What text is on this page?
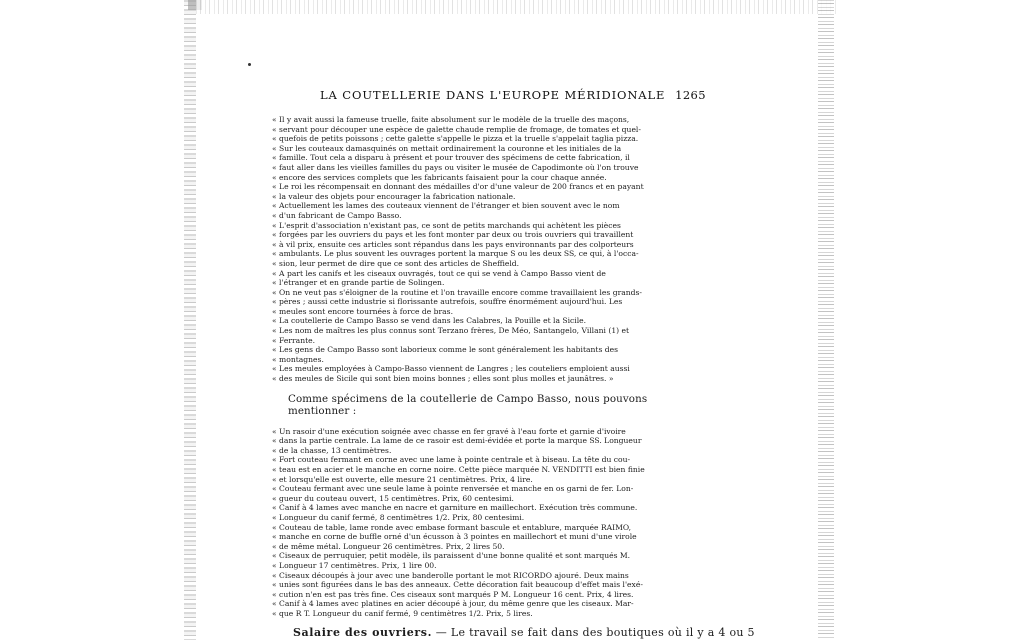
LA COUTELLERIE DANS L'EUROPE MÉRIDIONALE 1265

« Il y avait aussi la fameuse truelle, faite absolument sur le modèle de la truelle des maçons,

« servant pour découper une espèce de galette chaude remplie de fromage, de tomates et quel-

« quefois de petits poissons ; cette galette s'appelle le pizza et la truelle s'appelait taglia pizza.

« Sur les couteaux damasquinés on mettait ordinairement la couronne et les initiales de la

« famille. Tout cela a disparu à présent et pour trouver des spécimens de cette fabrication, il

« faut aller dans les vieilles familles du pays ou visiter le musée de Capodimonte où l'on trouve

« encore des services complets que les fabricants faisaient pour la cour chaque année.

« Le roi les récompensait en donnant des médailles d'or d'une valeur de 200 francs et en payant

« la valeur des objets pour encourager la fabrication nationale.

« Actuellement les lames des couteaux viennent de l'étranger et bien souvent avec le nom

« d'un fabricant de Campo Basso.

« L'esprit d'association n'existant pas, ce sont de petits marchands qui achètent les pièces

« forgées par les ouvriers du pays et les font monter par deux ou trois ouvriers qui travaillent

« à vil prix, ensuite ces articles sont répandus dans les pays environnants par des colporteurs

« ambulants. Le plus souvent les ouvrages portent la marque S ou les deux SS, ce qui, à l'occa-

« sion, leur permet de dire que ce sont des articles de Sheffield.

« A part les canifs et les ciseaux ouvragés, tout ce qui se vend à Campo Basso vient de

« l'étranger et en grande partie de Solingen.

« On ne veut pas s'éloigner de la routine et l'on travaille encore comme travaillaient les grands-

« pères ; aussi cette industrie si florissante autrefois, souffre énormément aujourd'hui. Les

« meules sont encore tournées à force de bras.

« La coutellerie de Campo Basso se vend dans les Calabres, la Pouille et la Sicile.

« Les nom de maîtres les plus connus sont Terzano frères, De Méo, Santangelo, Villani (1) et

« Ferrante.

« Les gens de Campo Basso sont laborieux comme le sont généralement les habitants des

« montagnes.

« Les meules employées à Campo-Basso viennent de Langres ; les couteliers emploient aussi

« des meules de Sicile qui sont bien moins bonnes ; elles sont plus molles et jaunâtres. »

Comme spécimens de la coutellerie de Campo Basso, nous pouvons mentionner :

« Un rasoir d'une exécution soignée avec chasse en fer gravé à l'eau forte et garnie d'ivoire

« dans la partie centrale. La lame de ce rasoir est demi-évidée et porte la marque SS. Longueur

« de la chasse, 13 centimètres.

« Fort couteau fermant en corne avec une lame à pointe centrale et à biseau. La tête du cou-

« teau est en acier et le manche en corne noire. Cette pièce marquée N. VENDITTI est bien finie

« et lorsqu'elle est ouverte, elle mesure 21 centimètres. Prix, 4 lire.

« Couteau fermant avec une seule lame à pointe renversée et manche en os garni de fer. Lon-

« gueur du couteau ouvert, 15 centimètres. Prix, 60 centesimi.

« Canif à 4 lames avec manche en nacre et garniture en maillechort. Exécution très commune.

« Longueur du canif fermé, 8 centimètres 1/2. Prix, 80 centesimi.

« Couteau de table, lame ronde avec embase formant bascule et entablure, marquée RAIMO,

« manche en corne de buffle orné d'un écusson à 3 pointes en maillechort et muni d'une virole

« de même métal. Longueur 26 centimètres. Prix, 2 lires 50.

« Ciseaux de perruquier, petit modèle, ils paraissent d'une bonne qualité et sont marqués M.

« Longueur 17 centimètres. Prix, 1 lire 00.

« Ciseaux découpés à jour avec une banderolle portant le mot RICORDO ajouré. Deux mains

« unies sont figurées dans le bas des anneaux. Cette décoration fait beaucoup d'effet mais l'exé-

« cution n'en est pas très fine. Ces ciseaux sont marqués P M. Longueur 16 cent. Prix, 4 lires.

« Canif à 4 lames avec platines en acier découpé à jour, du même genre que les ciseaux. Mar-

« que R T. Longueur du canif fermé, 9 centimètres 1/2. Prix, 5 lires.

Salaire des ouvriers. — Le travail se fait dans des boutiques où il y a 4 ou 5
